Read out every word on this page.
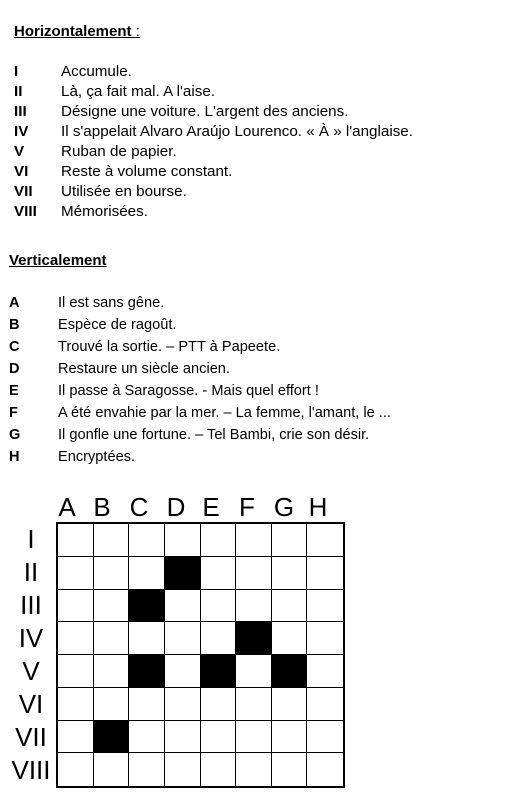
Horizontalement :
I	Accumule.
II	Là, ça fait mal. A l'aise.
III Désigne une voiture. L'argent des anciens.
IV Il s'appelait Alvaro Araújo Lourenco. « À » l'anglaise.
V Ruban de papier.
VI Reste à volume constant.
VII Utilisée en bourse.
VIII Mémorisées.
Verticalement
A	Il est sans gêne.
B	Espèce de ragoût.
C	Trouvé la sortie. – PTT à Papeete.
D	Restaure un siècle ancien.
E	Il passe à Saragosse. - Mais quel effort !
F	A été envahie par la mer. – La femme, l'amant, le ...
G	Il gonfle une fortune. – Tel Bambi, crie son désir.
H	Encryptées.
A B C D E F G H
I
II
III
IV
V
VI
VII
VIII
